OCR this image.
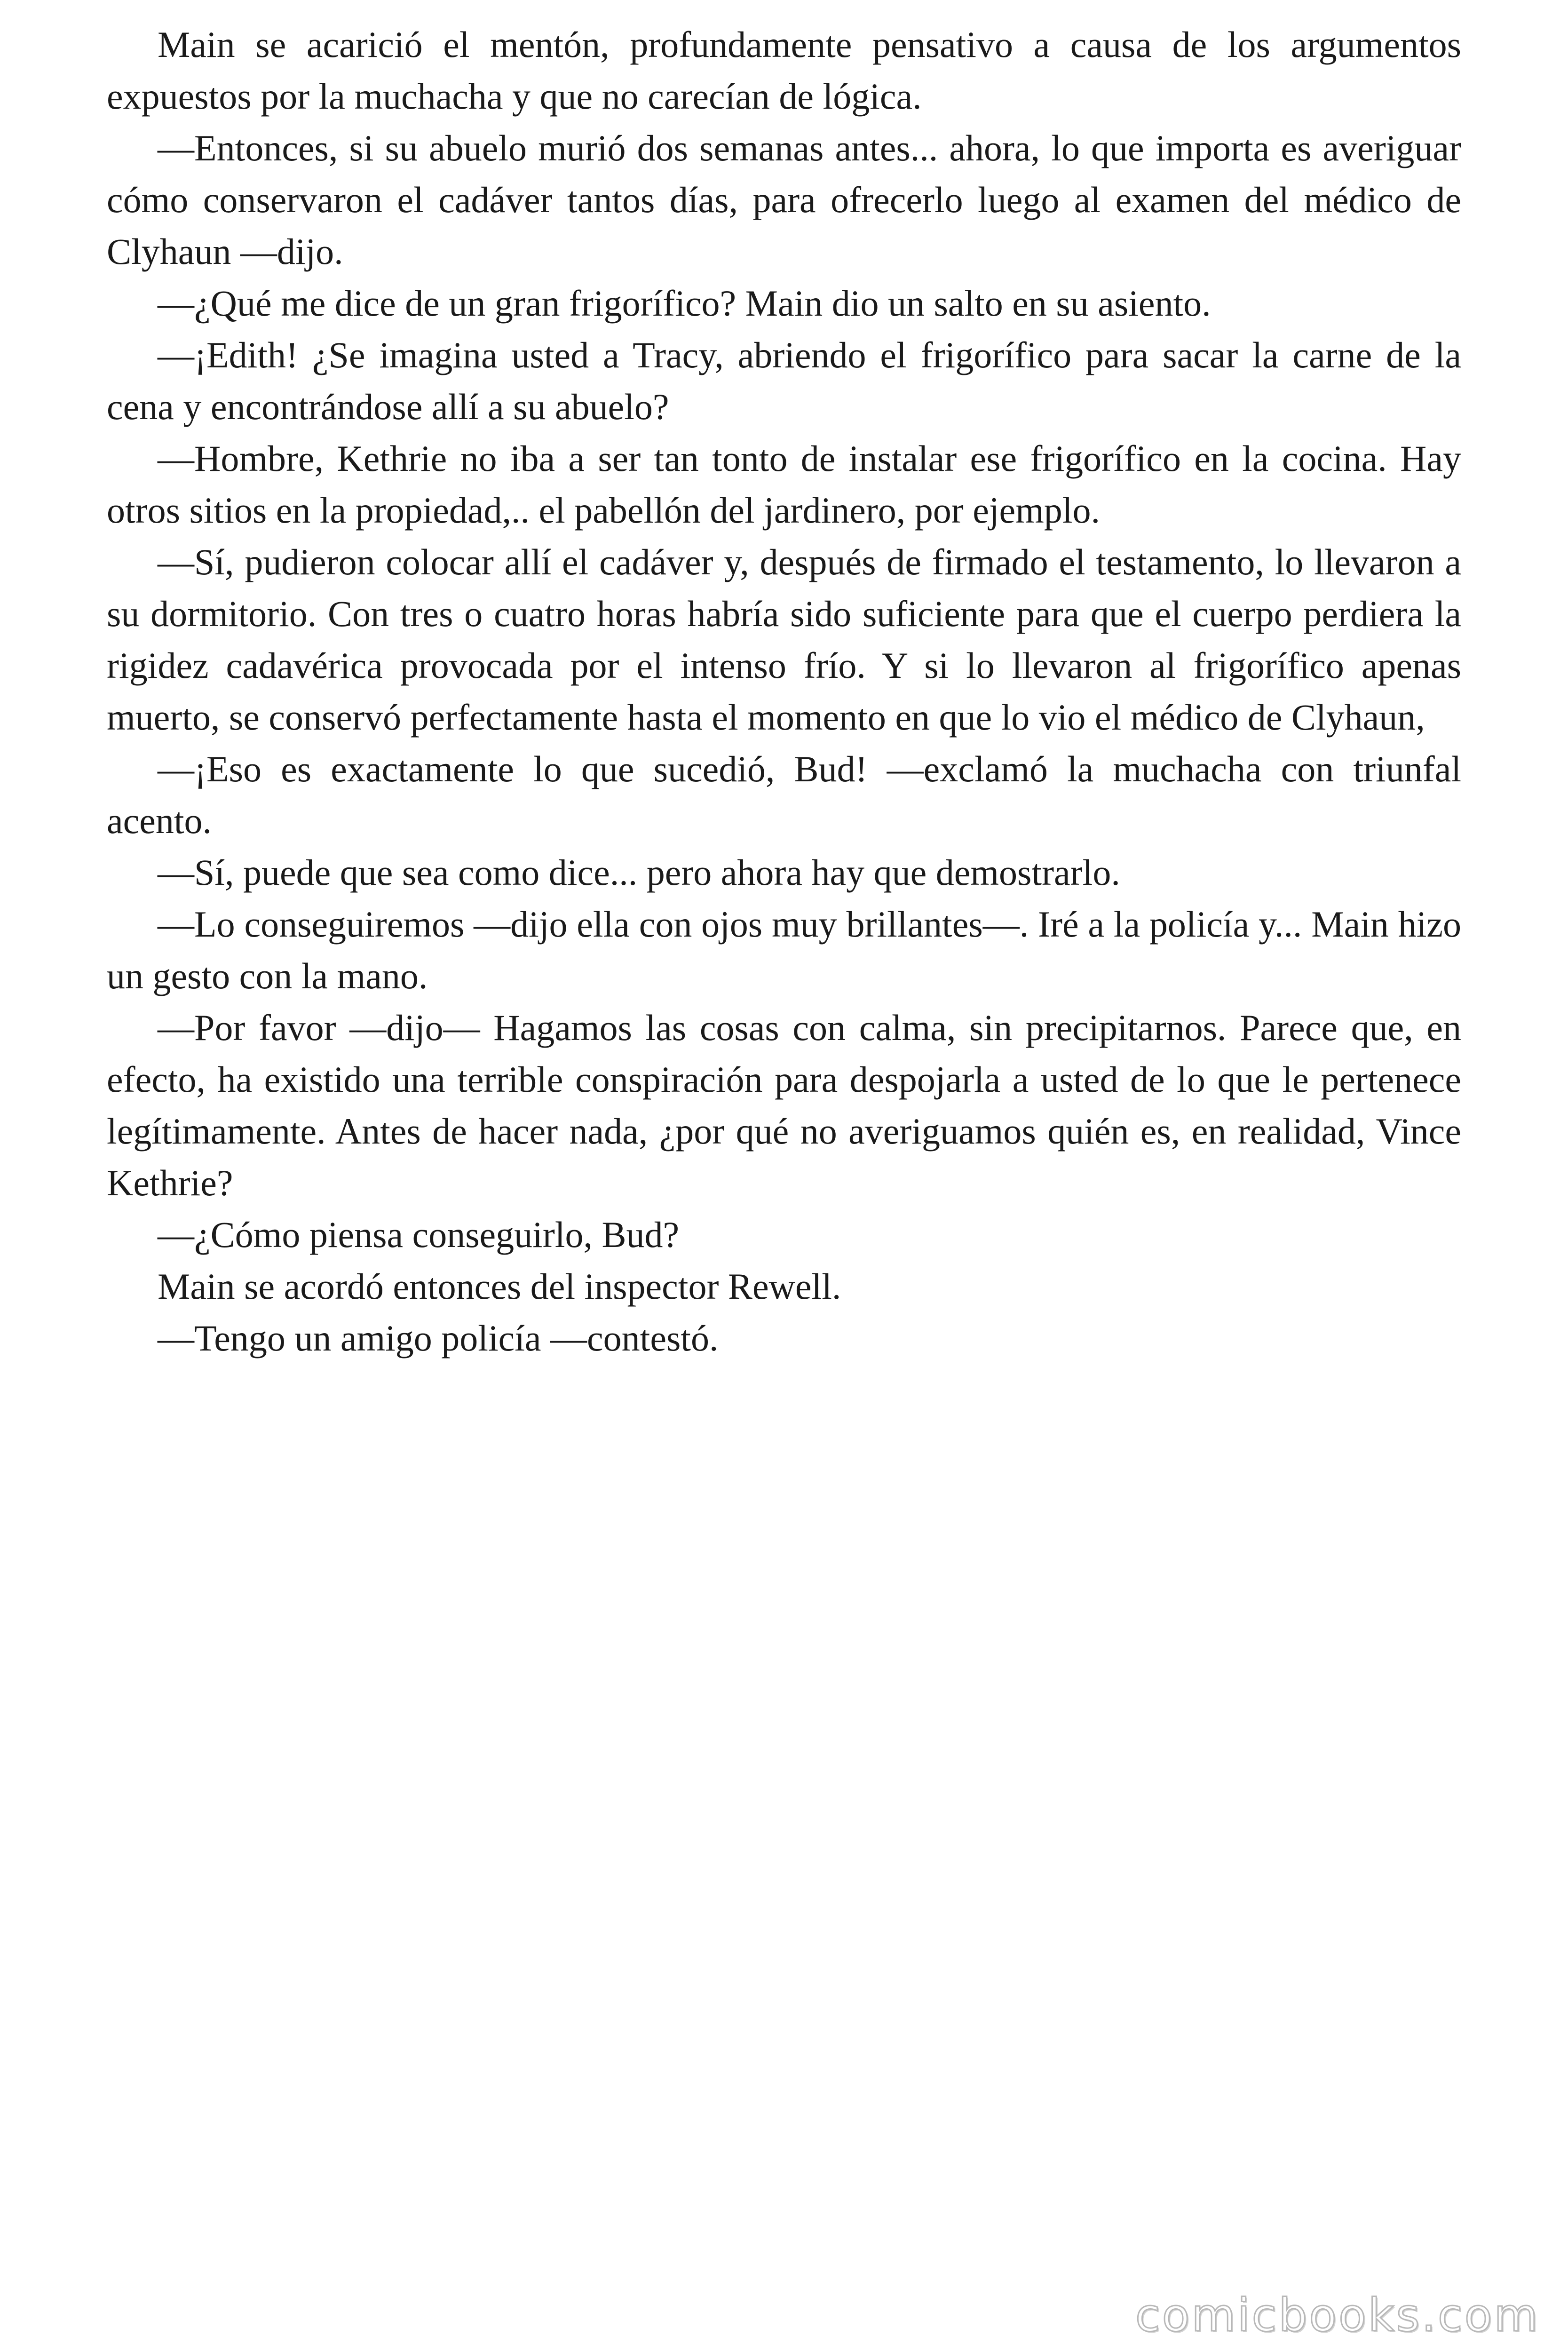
Main se acarició el mentón, profundamente pensativo a causa de los argumentos expuestos por la muchacha y que no carecían de lógica.

—Entonces, si su abuelo murió dos semanas antes... ahora, lo que importa es averiguar cómo conservaron el cadáver tantos días, para ofrecerlo luego al examen del médico de Clyhaun —dijo.

—¿Qué me dice de un gran frigorífico? Main dio un salto en su asiento.

—¡Edith! ¿Se imagina usted a Tracy, abriendo el frigorífico para sacar la carne de la cena y encontrándose allí a su abuelo?

—Hombre, Kethrie no iba a ser tan tonto de instalar ese frigorífico en la cocina. Hay otros sitios en la propiedad,.. el pabellón del jardinero, por ejemplo.

—Sí, pudieron colocar allí el cadáver y, después de firmado el testamento, lo llevaron a su dormitorio. Con tres o cuatro horas habría sido suficiente para que el cuerpo perdiera la rigidez cadavérica provocada por el intenso frío. Y si lo llevaron al frigorífico apenas muerto, se conservó perfectamente hasta el momento en que lo vio el médico de Clyhaun,

—¡Eso es exactamente lo que sucedió, Bud! —exclamó la muchacha con triunfal acento.

—Sí, puede que sea como dice... pero ahora hay que demostrarlo.

—Lo conseguiremos —dijo ella con ojos muy brillantes—. Iré a la policía y... Main hizo un gesto con la mano.

—Por favor —dijo— Hagamos las cosas con calma, sin precipitarnos. Parece que, en efecto, ha existido una terrible conspiración para despojarla a usted de lo que le pertenece legítimamente. Antes de hacer nada, ¿por qué no averiguamos quién es, en realidad, Vince Kethrie?

—¿Cómo piensa conseguirlo, Bud?

Main se acordó entonces del inspector Rewell.

—Tengo un amigo policía —contestó.

comicbooks.com
